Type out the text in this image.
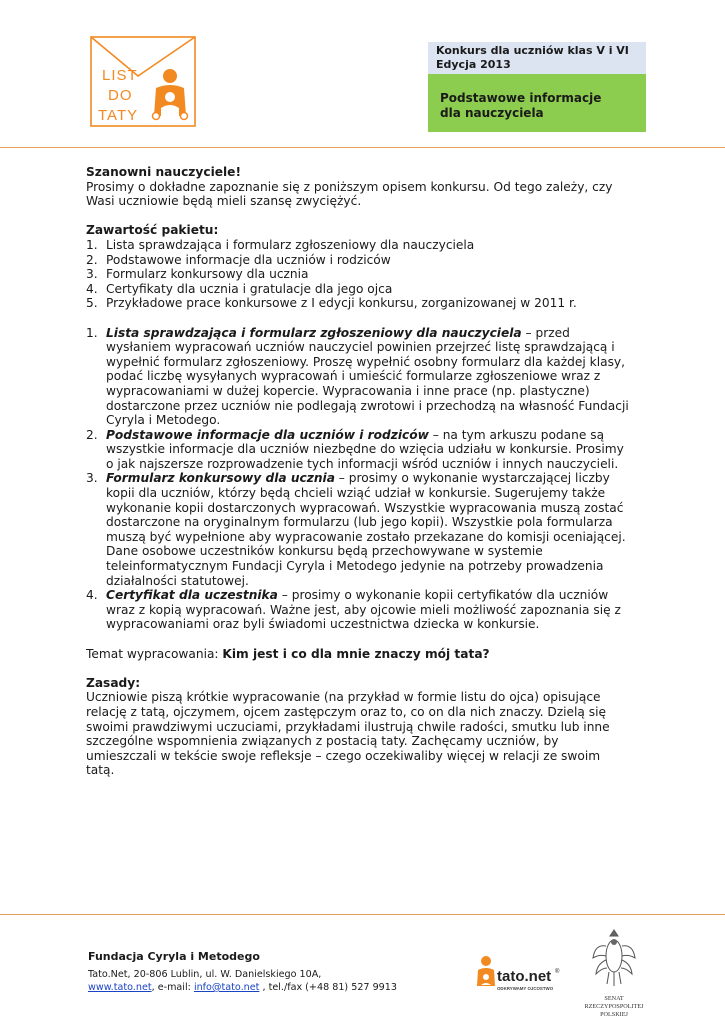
LIST
DO
TATY
Konkurs dla uczniów klas V i VI
Edycja 2013
Podstawowe informacje
dla nauczyciela

Szanowni nauczyciele!

Prosimy o dokładne zapoznanie się z poniższym opisem konkursu. Od tego zależy, czy

Wasi uczniowie będą mieli szansę zwyciężyć.

Zawartość pakietu:

1. Lista sprawdzająca i formularz zgłoszeniowy dla nauczyciela
2. Podstawowe informacje dla uczniów i rodziców
3. Formularz konkursowy dla ucznia
4. Certyfikaty dla ucznia i gratulacje dla jego ojca
5. Przykładowe prace konkursowe z I edycji konkursu, zorganizowanej w 2011 r.
1. Lista sprawdzająca i formularz zgłoszeniowy dla nauczyciela – przed wysłaniem wypracowań uczniów nauczyciel powinien przejrzeć listę sprawdzającą i wypełnić formularz zgłoszeniowy. Proszę wypełnić osobny formularz dla każdej klasy, podać liczbę wysyłanych wypracowań i umieścić formularze zgłoszeniowe wraz z wypracowaniami w dużej kopercie. Wypracowania i inne prace (np. plastyczne) dostarczone przez uczniów nie podlegają zwrotowi i przechodzą na własność Fundacji Cyryla i Metodego.
2. Podstawowe informacje dla uczniów i rodziców – na tym arkuszu podane są wszystkie informacje dla uczniów niezbędne do wzięcia udziału w konkursie. Prosimy o jak najszersze rozprowadzenie tych informacji wśród uczniów i innych nauczycieli.
3. Formularz konkursowy dla ucznia – prosimy o wykonanie wystarczającej liczby kopii dla uczniów, którzy będą chcieli wziąć udział w konkursie. Sugerujemy także wykonanie kopii dostarczonych wypracowań. Wszystkie wypracowania muszą zostać dostarczone na oryginalnym formularzu (lub jego kopii). Wszystkie pola formularza muszą być wypełnione aby wypracowanie zostało przekazane do komisji oceniającej. Dane osobowe uczestników konkursu będą przechowywane w systemie teleinformatycznym Fundacji Cyryla i Metodego jedynie na potrzeby prowadzenia działalności statutowej.
4. Certyfikat dla uczestnika – prosimy o wykonanie kopii certyfikatów dla uczniów wraz z kopią wypracowań. Ważne jest, aby ojcowie mieli możliwość zapoznania się z wypracowaniami oraz byli świadomi uczestnictwa dziecka w konkursie.

Temat wypracowania: Kim jest i co dla mnie znaczy mój tata?

Zasady:

Uczniowie piszą krótkie wypracowanie (na przykład w formie listu do ojca) opisujące relację z tatą, ojczymem, ojcem zastępczym oraz to, co on dla nich znaczy. Dzielą się swoimi prawdziwymi uczuciami, przykładami ilustrują chwile radości, smutku lub inne szczególne wspomnienia związanych z postacią taty. Zachęcamy uczniów, by umieszczali w tekście swoje refleksje – czego oczekiwaliby więcej w relacji ze swoim tatą.

Fundacja Cyryla i Metodego
Tato.Net, 20-806 Lublin, ul. W. Danielskiego 10A,
www.tato.net, e-mail: info@tato.net , tel./fax (+48 81) 527 9913
tato.net ®
ODKRYWAMY OJCOSTWO
SENAT
RZECZYPOSPOLITEJ
POLSKIEJ
